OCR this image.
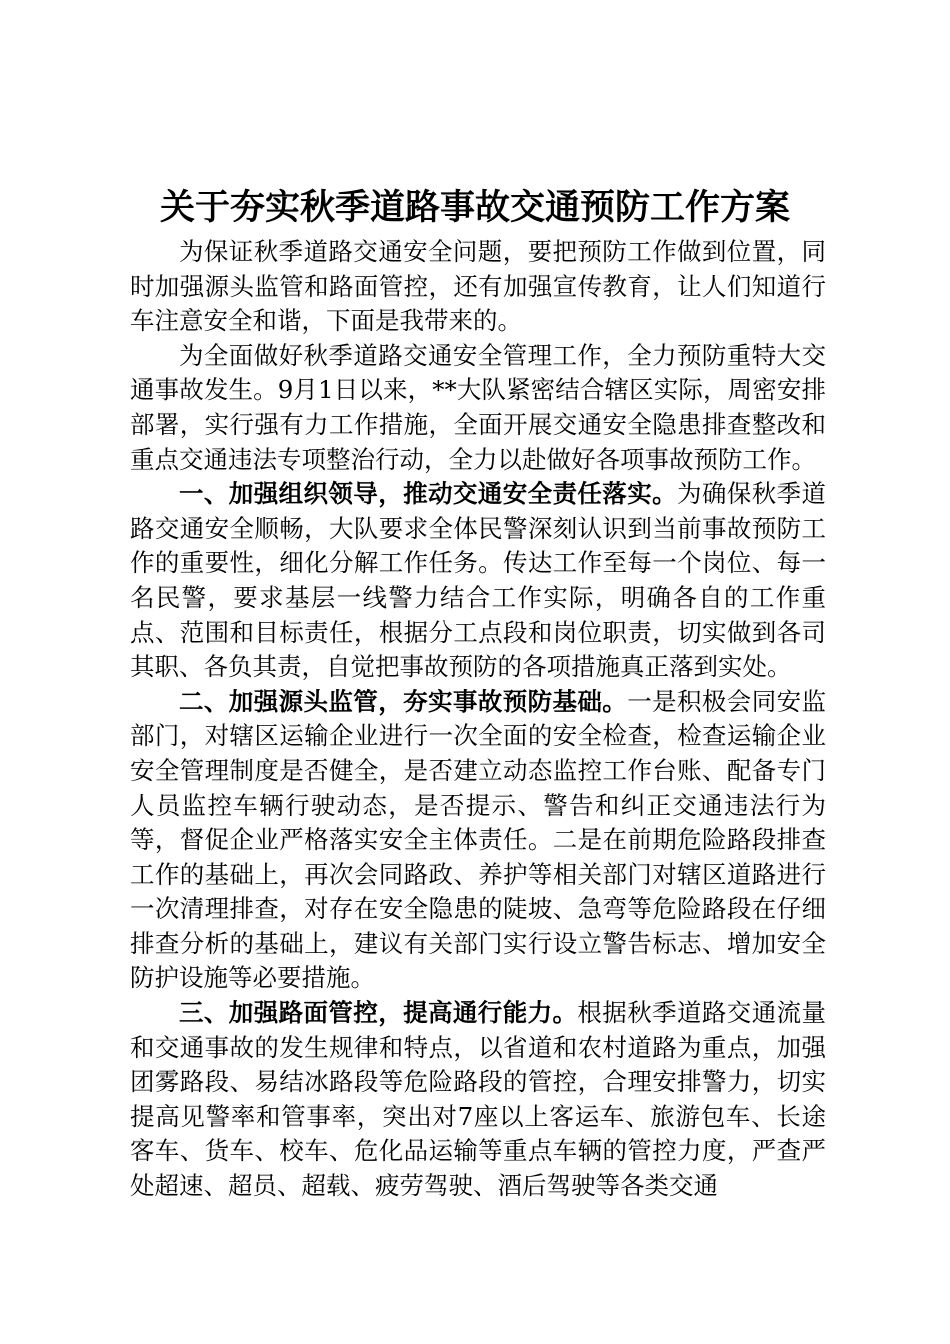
关于夯实秋季道路事故交通预防工作方案

为保证秋季道路交通安全问题，要把预防工作做到位置，同时加强源头监管和路面管控，还有加强宣传教育，让人们知道行车注意安全和谐，下面是我带来的。

为全面做好秋季道路交通安全管理工作，全力预防重特大交通事故发生。9月1日以来，**大队紧密结合辖区实际，周密安排部署，实行强有力工作措施，全面开展交通安全隐患排查整改和重点交通违法专项整治行动，全力以赴做好各项事故预防工作。

一、加强组织领导，推动交通安全责任落实。为确保秋季道路交通安全顺畅，大队要求全体民警深刻认识到当前事故预防工作的重要性，细化分解工作任务。传达工作至每一个岗位、每一名民警，要求基层一线警力结合工作实际，明确各自的工作重点、范围和目标责任，根据分工点段和岗位职责，切实做到各司其职、各负其责，自觉把事故预防的各项措施真正落到实处。

二、加强源头监管，夯实事故预防基础。一是积极会同安监部门，对辖区运输企业进行一次全面的安全检查，检查运输企业安全管理制度是否健全，是否建立动态监控工作台账、配备专门人员监控车辆行驶动态，是否提示、警告和纠正交通违法行为等，督促企业严格落实安全主体责任。二是在前期危险路段排查工作的基础上，再次会同路政、养护等相关部门对辖区道路进行一次清理排查，对存在安全隐患的陡坡、急弯等危险路段在仔细排查分析的基础上，建议有关部门实行设立警告标志、增加安全防护设施等必要措施。

三、加强路面管控，提高通行能力。根据秋季道路交通流量和交通事故的发生规律和特点，以省道和农村道路为重点，加强团雾路段、易结冰路段等危险路段的管控，合理安排警力，切实提高见警率和管事率，突出对7座以上客运车、旅游包车、长途客车、货车、校车、危化品运输等重点车辆的管控力度，严查严处超速、超员、超载、疲劳驾驶、酒后驾驶等各类交通
